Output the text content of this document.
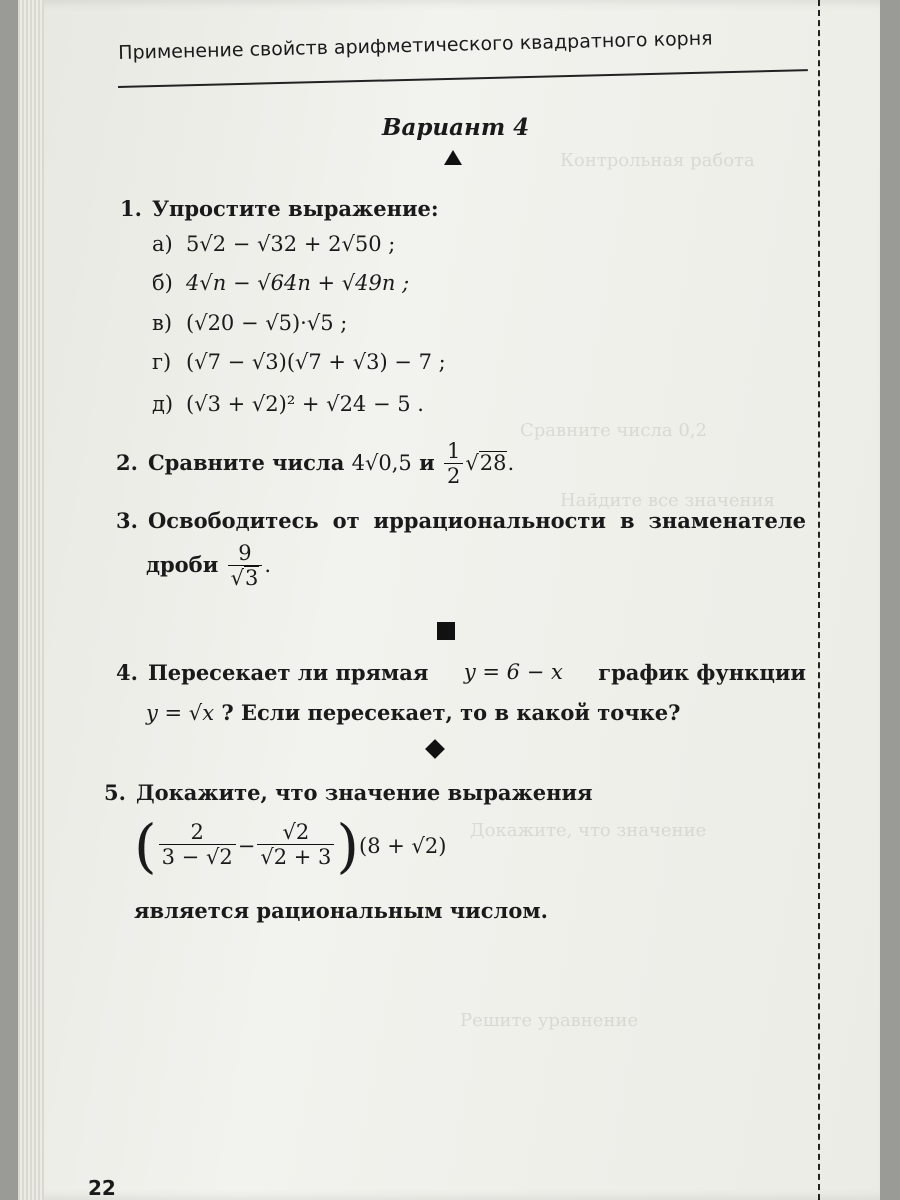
Контрольная работа
Сравните числа 0,2
Найдите все значения
Докажите, что значение
Решите уравнение
Применение свойств арифметического квадратного корня
Вариант 4
1. Упростите выражение:
а) 5√2 − √32 + 2√50 ;
б) 4√n − √64n + √49n ;
в) (√20 − √5)·√5 ;
г) (√7 − √3)(√7 + √3) − 7 ;
д) (√3 + √2)² + √24 − 5 .
2. Сравните числа 4√0,5 и $\frac{1}{2} √28$.
3. Освободитесь от иррациональности в знаменателе
дроби $\frac{9}{√3}$ .
4. Пересекает ли прямая y = 6 − x график функции
y = √x ? Если пересекает, то в какой точке?
5. Докажите, что значение выражения
( $\frac{2}{3 - √2} - \frac{√2}{√2 + 3} )(8 + √2)$
является рациональным числом.
22
